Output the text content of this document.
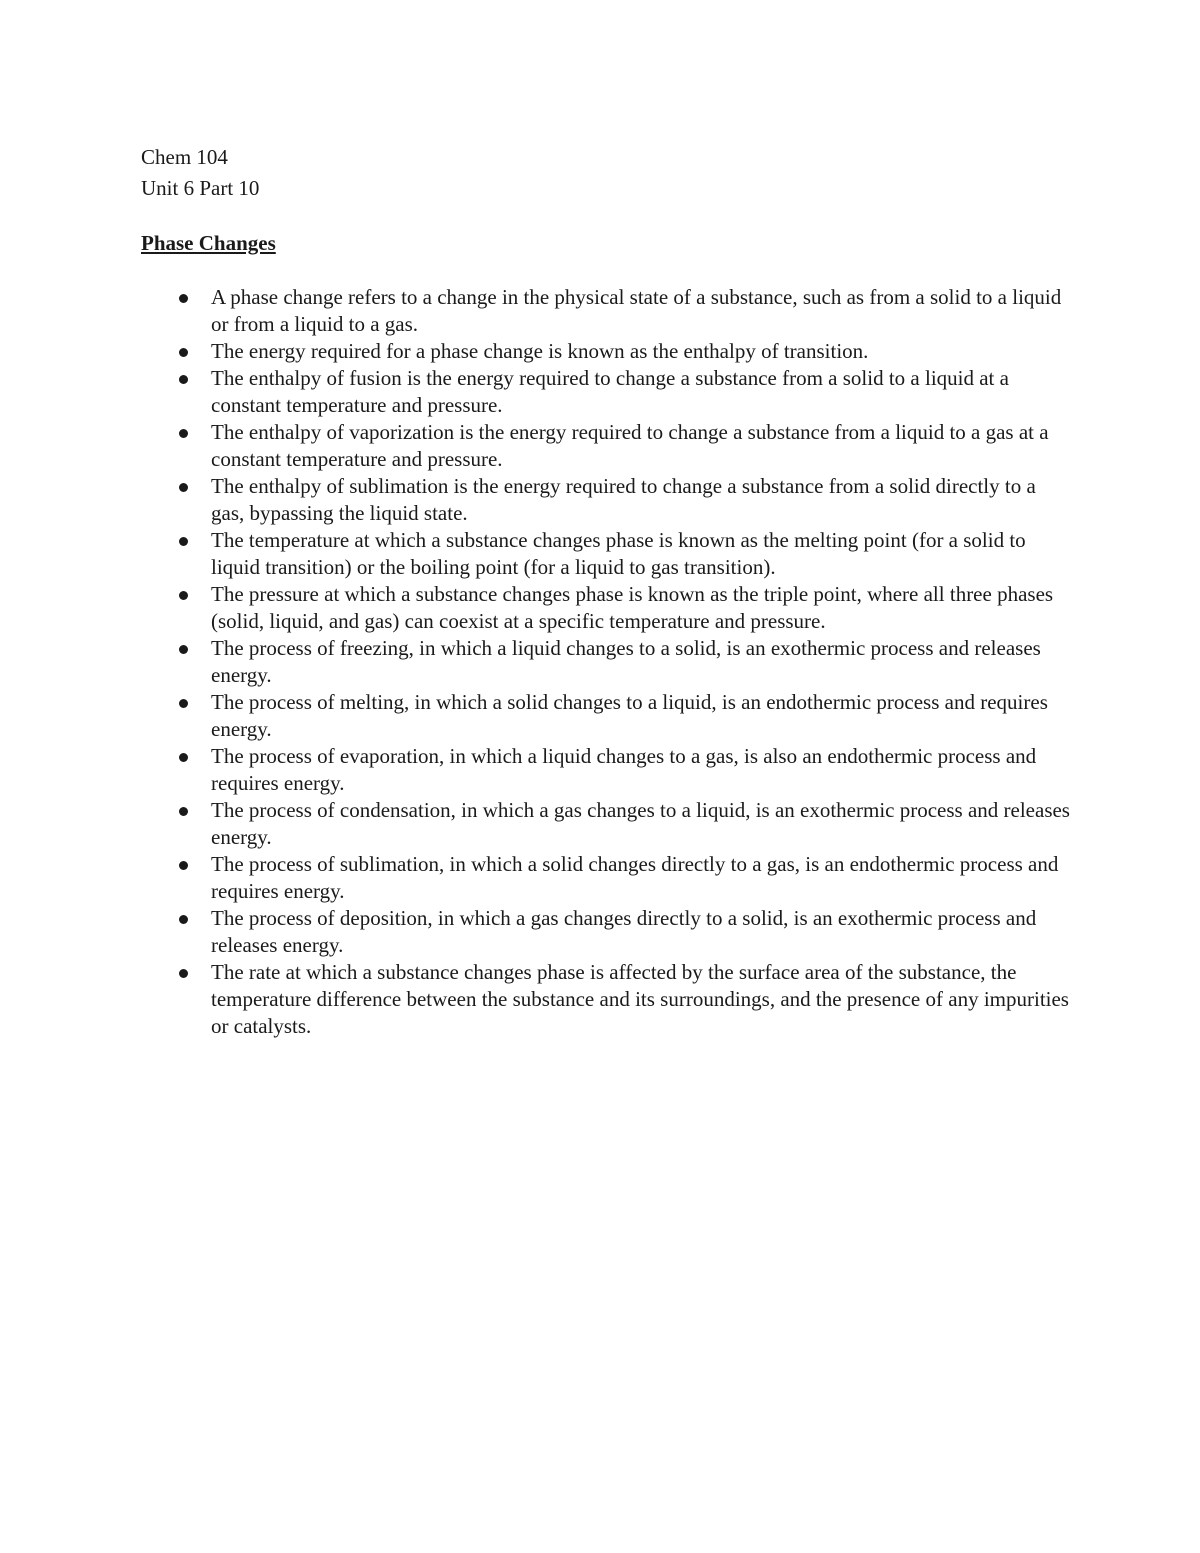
Chem 104

Unit 6 Part 10

Phase Changes

A phase change refers to a change in the physical state of a substance, such as from a solid to a liquid or from a liquid to a gas.
The energy required for a phase change is known as the enthalpy of transition.
The enthalpy of fusion is the energy required to change a substance from a solid to a liquid at a constant temperature and pressure.
The enthalpy of vaporization is the energy required to change a substance from a liquid to a gas at a constant temperature and pressure.
The enthalpy of sublimation is the energy required to change a substance from a solid directly to a gas, bypassing the liquid state.
The temperature at which a substance changes phase is known as the melting point (for a solid to liquid transition) or the boiling point (for a liquid to gas transition).
The pressure at which a substance changes phase is known as the triple point, where all three phases (solid, liquid, and gas) can coexist at a specific temperature and pressure.
The process of freezing, in which a liquid changes to a solid, is an exothermic process and releases energy.
The process of melting, in which a solid changes to a liquid, is an endothermic process and requires energy.
The process of evaporation, in which a liquid changes to a gas, is also an endothermic process and requires energy.
The process of condensation, in which a gas changes to a liquid, is an exothermic process and releases energy.
The process of sublimation, in which a solid changes directly to a gas, is an endothermic process and requires energy.
The process of deposition, in which a gas changes directly to a solid, is an exothermic process and releases energy.
The rate at which a substance changes phase is affected by the surface area of the substance, the temperature difference between the substance and its surroundings, and the presence of any impurities or catalysts.
